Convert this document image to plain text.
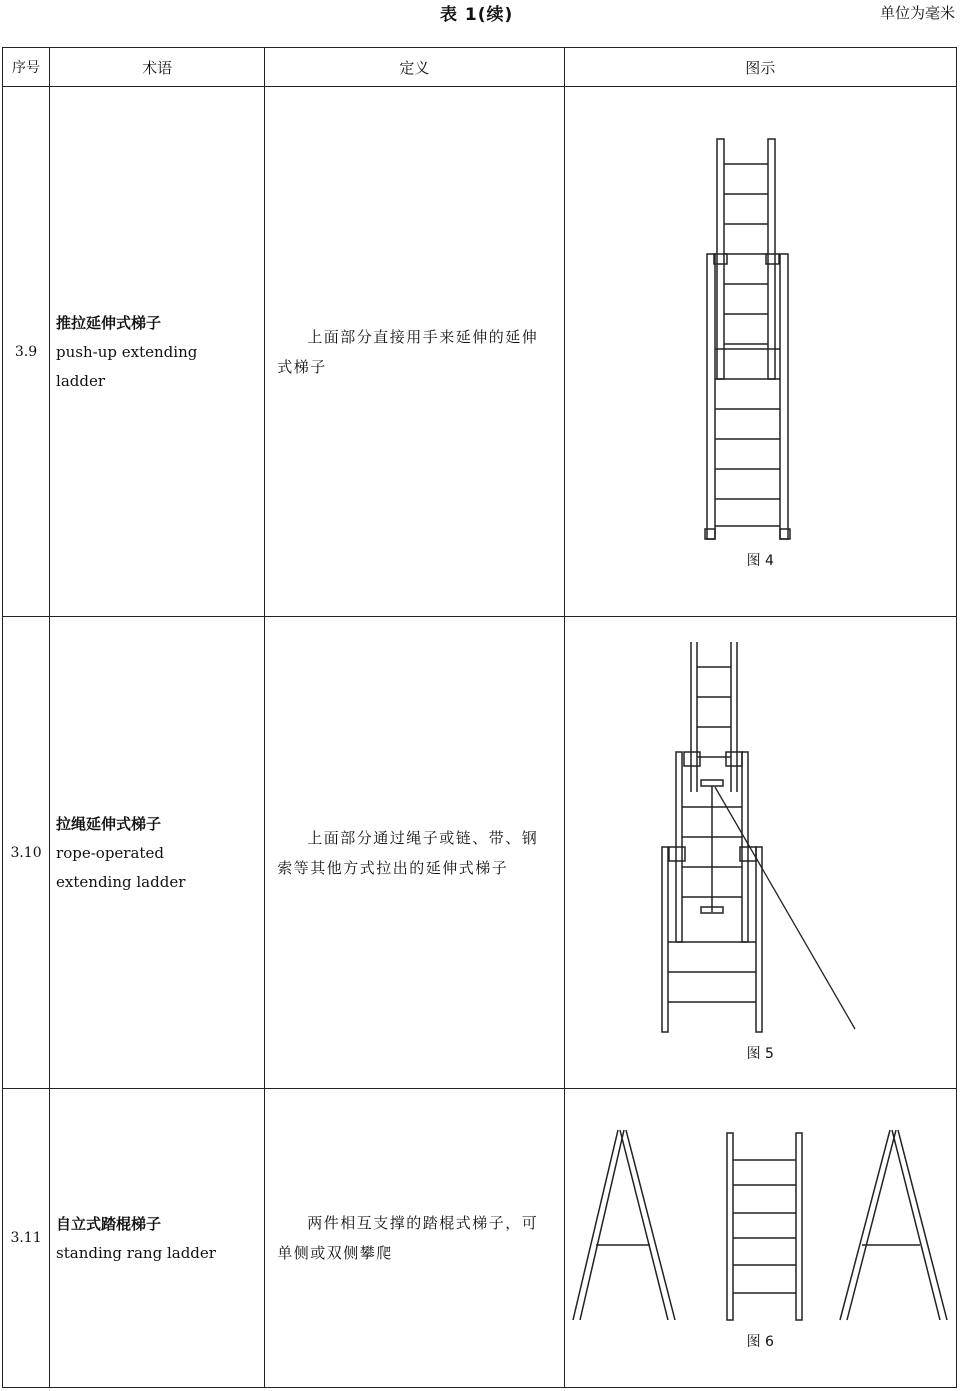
表 1(续)	单位为毫米
序号	术语	定义	图示
3.9	推拉延伸式梯子
push-up extending
ladder	上面部分直接用手来延伸的延伸式梯子	图 4

3.10	拉绳延伸式梯子
rope-operated
extending ladder	上面部分通过绳子或链、带、钢索等其他方式拉出的延伸式梯子	图 5

3.11	自立式踏棍梯子
standing rang ladder	两件相互支撑的踏棍式梯子，可单侧或双侧攀爬	图 6
